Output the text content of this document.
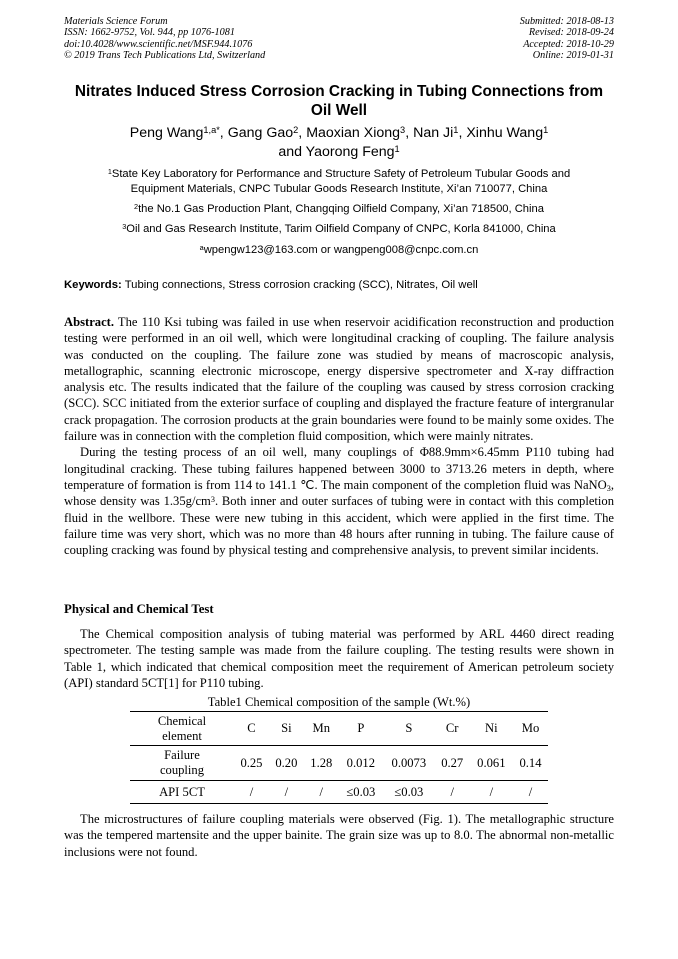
Materials Science Forum
ISSN: 1662-9752, Vol. 944, pp 1076-1081
doi:10.4028/www.scientific.net/MSF.944.1076
© 2019 Trans Tech Publications Ltd, Switzerland
Submitted: 2018-08-13
Revised: 2018-09-24
Accepted: 2018-10-29
Online: 2019-01-31
Nitrates Induced Stress Corrosion Cracking in Tubing Connections from
Oil Well
Peng Wang$^{1,a*}$, Gang Gao$^2$, Maoxian Xiong$^3$, Nan Ji$^1$, Xinhu Wang$^1$
and Yaorong Feng$^1$
$^1$State Key Laboratory for Performance and Structure Safety of Petroleum Tubular Goods and
Equipment Materials, CNPC Tubular Goods Research Institute, Xi’an 710077, China
$^2$the No.1 Gas Production Plant, Changqing Oilfield Company, Xi’an 718500, China
$^3$Oil and Gas Research Institute, Tarim Oilfield Company of CNPC, Korla 841000, China
$^a$wpengw123@163.com or wangpeng008@cnpc.com.cn
Keywords: Tubing connections, Stress corrosion cracking (SCC), Nitrates, Oil well

Abstract. The 110 Ksi tubing was failed in use when reservoir acidification reconstruction and production testing were performed in an oil well, which were longitudinal cracking of coupling. The failure analysis was conducted on the coupling. The failure zone was studied by means of macroscopic analysis, metallographic, scanning electronic microscope, energy dispersive spectrometer and X-ray diffraction analysis etc. The results indicated that the failure of the coupling was caused by stress corrosion cracking (SCC). SCC initiated from the exterior surface of coupling and displayed the fracture feature of intergranular crack propagation. The corrosion products at the grain boundaries were found to be mainly some oxides. The failure was in connection with the completion fluid composition, which were mainly nitrates.

During the testing process of an oil well, many couplings of Φ88.9mm×6.45mm P110 tubing had longitudinal cracking. These tubing failures happened between 3000 to 3713.26 meters in depth, where temperature of formation is from 114 to 141.1 ℃. The main component of the completion fluid was NaNO$_3$, whose density was $1.35g/cm^3$. Both inner and outer surfaces of tubing were in contact with this completion fluid in the wellbore. These were new tubing in this accident, which were applied in the first time. The failure time was very short, which was no more than 48 hours after running in tubing. The failure cause of coupling cracking was found by physical testing and comprehensive analysis, to prevent similar incidents.

Physical and Chemical Test

The Chemical composition analysis of tubing material was performed by ARL 4460 direct reading spectrometer. The testing sample was made from the failure coupling. The testing results were shown in Table 1, which indicated that chemical composition meet the requirement of American petroleum society (API) standard 5CT[1] for P110 tubing.

Table1 Chemical composition of the sample (Wt.%)
Chemical
element	C	Si	Mn	P	S	Cr	Ni	Mo

Failure
coupling	0.25	0.20	1.28	0.012	0.0073	0.27	0.061	0.14
API 5CT	/	/	/	≤0.03	≤0.03	/	/	/

The microstructures of failure coupling materials were observed (Fig. 1). The metallographic structure was the tempered martensite and the upper bainite. The grain size was up to 8.0. The abnormal non-metallic inclusions were not found.
